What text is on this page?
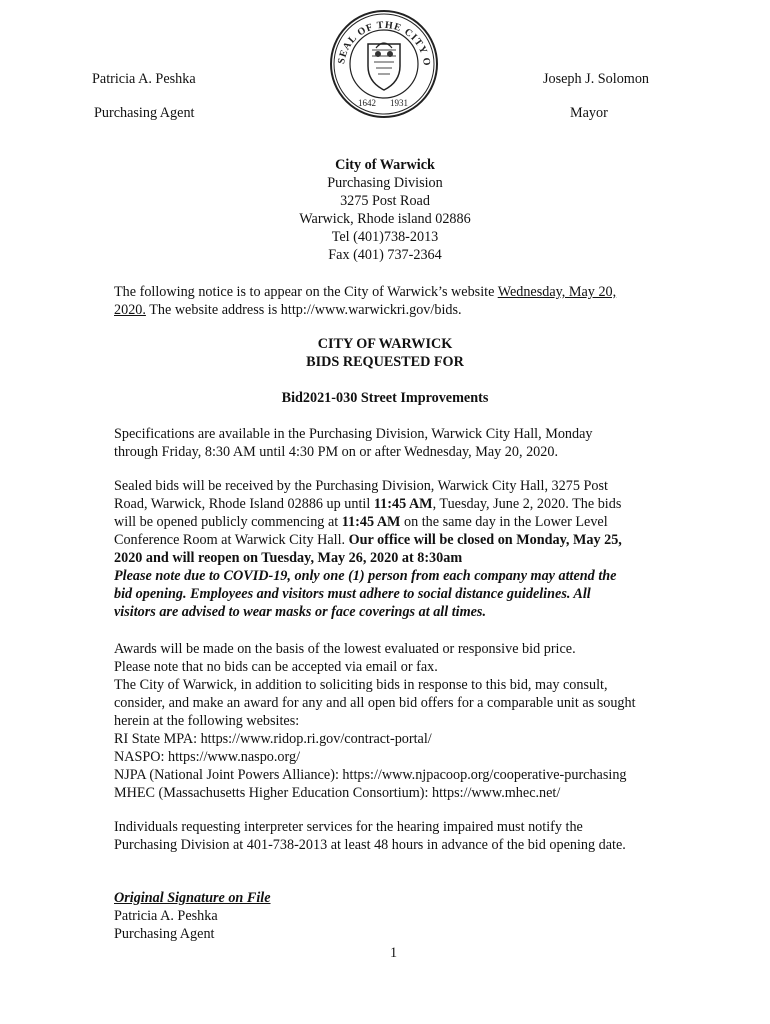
Patricia A. Peshka
Purchasing Agent
Joseph J. Solomon
Mayor
SEAL OF THE CITY O
1642 1931
City of Warwick
Purchasing Division
3275 Post Road
Warwick, Rhode island 02886
Tel (401)738-2013
Fax (401) 737-2364
The following notice is to appear on the City of Warwick’s website Wednesday, May 20,
2020. The website address is http://www.warwickri.gov/bids.
CITY OF WARWICK
BIDS REQUESTED FOR
Bid2021-030 Street Improvements
Specifications are available in the Purchasing Division, Warwick City Hall, Monday
through Friday, 8:30 AM until 4:30 PM on or after Wednesday, May 20, 2020.
Sealed bids will be received by the Purchasing Division, Warwick City Hall, 3275 Post
Road, Warwick, Rhode Island 02886 up until 11:45 AM, Tuesday, June 2, 2020. The bids
will be opened publicly commencing at 11:45 AM on the same day in the Lower Level
Conference Room at Warwick City Hall. Our office will be closed on Monday, May 25,
2020 and will reopen on Tuesday, May 26, 2020 at 8:30am
Please note due to COVID-19, only one (1) person from each company may attend the
bid opening. Employees and visitors must adhere to social distance guidelines. All
visitors are advised to wear masks or face coverings at all times.
Awards will be made on the basis of the lowest evaluated or responsive bid price.
Please note that no bids can be accepted via email or fax.
The City of Warwick, in addition to soliciting bids in response to this bid, may consult,
consider, and make an award for any and all open bid offers for a comparable unit as sought
herein at the following websites:
RI State MPA: https://www.ridop.ri.gov/contract-portal/
NASPO: https://www.naspo.org/
NJPA (National Joint Powers Alliance): https://www.njpacoop.org/cooperative-purchasing
MHEC (Massachusetts Higher Education Consortium): https://www.mhec.net/
Individuals requesting interpreter services for the hearing impaired must notify the
Purchasing Division at 401-738-2013 at least 48 hours in advance of the bid opening date.
Original Signature on File
Patricia A. Peshka
Purchasing Agent
1
